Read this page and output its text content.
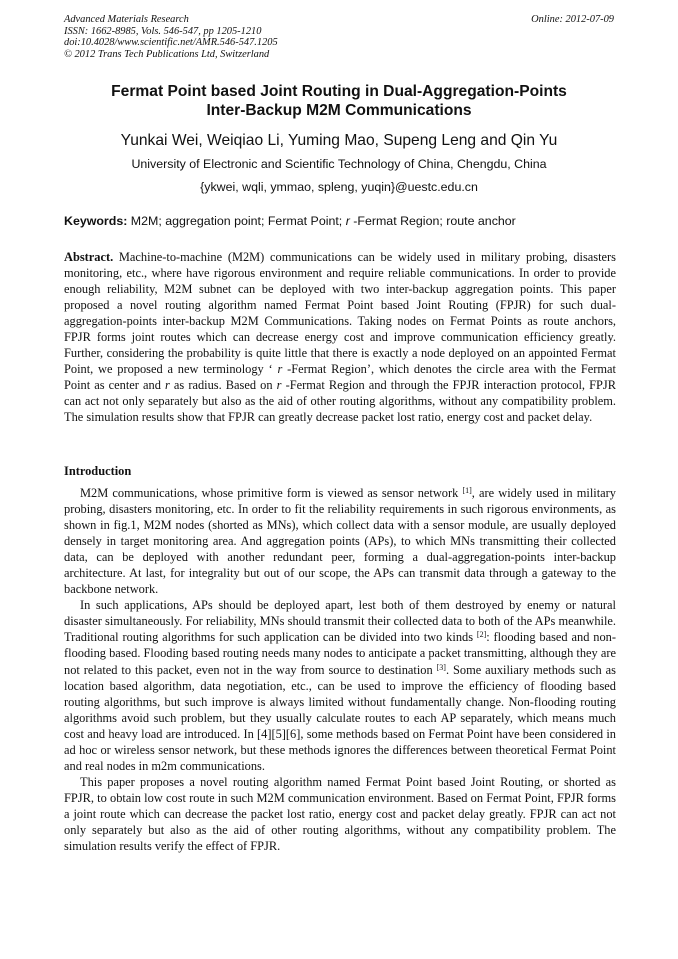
Advanced Materials Research
ISSN: 1662-8985, Vols. 546-547, pp 1205-1210
doi:10.4028/www.scientific.net/AMR.546-547.1205
© 2012 Trans Tech Publications Ltd, Switzerland
Online: 2012-07-09
Fermat Point based Joint Routing in Dual-Aggregation-Points
Inter-Backup M2M Communications
Yunkai Wei, Weiqiao Li, Yuming Mao, Supeng Leng and Qin Yu
University of Electronic and Scientific Technology of China, Chengdu, China
{ykwei, wqli, ymmao, spleng, yuqin}@uestc.edu.cn
Keywords: M2M; aggregation point; Fermat Point; r -Fermat Region; route anchor
Abstract. Machine-to-machine (M2M) communications can be widely used in military probing, disasters monitoring, etc., where have rigorous environment and require reliable communications. In order to provide enough reliability, M2M subnet can be deployed with two inter-backup aggregation points. This paper proposed a novel routing algorithm named Fermat Point based Joint Routing (FPJR) for such dual-aggregation-points inter-backup M2M Communications. Taking nodes on Fermat Points as route anchors, FPJR forms joint routes which can decrease energy cost and improve communication efficiency greatly. Further, considering the probability is quite little that there is exactly a node deployed on an appointed Fermat Point, we proposed a new terminology ‘ r -Fermat Region’, which denotes the circle area with the Fermat Point as center and r as radius. Based on r -Fermat Region and through the FPJR interaction protocol, FPJR can act not only separately but also as the aid of other routing algorithms, without any compatibility problem. The simulation results show that FPJR can greatly decrease packet lost ratio, energy cost and packet delay.
Introduction

M2M communications, whose primitive form is viewed as sensor network [1], are widely used in military probing, disasters monitoring, etc. In order to fit the reliability requirements in such rigorous environments, as shown in fig.1, M2M nodes (shorted as MNs), which collect data with a sensor module, are usually deployed densely in target monitoring area. And aggregation points (APs), to which MNs transmitting their collected data, can be deployed with another redundant peer, forming a dual-aggregation-points inter-backup architecture. At last, for integrality but out of our scope, the APs can transmit data through a gateway to the backbone network.

In such applications, APs should be deployed apart, lest both of them destroyed by enemy or natural disaster simultaneously. For reliability, MNs should transmit their collected data to both of the APs meanwhile. Traditional routing algorithms for such application can be divided into two kinds [2]: flooding based and non-flooding based. Flooding based routing needs many nodes to anticipate a packet transmitting, although they are not related to this packet, even not in the way from source to destination [3]. Some auxiliary methods such as location based algorithm, data negotiation, etc., can be used to improve the efficiency of flooding based routing algorithms, but such improve is always limited without fundamentally change. Non-flooding routing algorithms avoid such problem, but they usually calculate routes to each AP separately, which means much cost and heavy load are introduced. In [4][5][6], some methods based on Fermat Point have been considered in ad hoc or wireless sensor network, but these methods ignores the differences between theoretical Fermat Point and real nodes in m2m communications.

This paper proposes a novel routing algorithm named Fermat Point based Joint Routing, or shorted as FPJR, to obtain low cost route in such M2M communication environment. Based on Fermat Point, FPJR forms a joint route which can decrease the packet lost ratio, energy cost and packet delay greatly. FPJR can act not only separately but also as the aid of other routing algorithms, without any compatibility problem. The simulation results verify the effect of FPJR.
